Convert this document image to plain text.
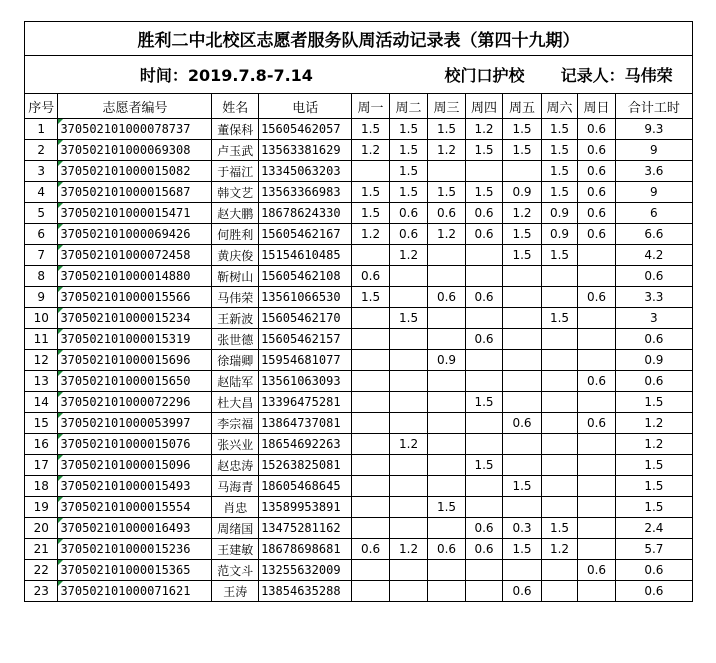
胜利二中北校区志愿者服务队周活动记录表（第四十九期）											
时间：2019.7.8-7.14						校门口护校			记录人：马伟荣		
序号	志愿者编号	姓名	电话	周一	周二	周三	周四	周五	周六	周日	合计工时
1	370502101000078737	董保科	15605462057	1.5	1.5	1.5	1.2	1.5	1.5	0.6	9.3
2	370502101000069308	卢玉武	13563381629	1.2	1.5	1.2	1.5	1.5	1.5	0.6	9
3	370502101000015082	于福江	13345063203		1.5				1.5	0.6	3.6
4	370502101000015687	韩文艺	13563366983	1.5	1.5	1.5	1.5	0.9	1.5	0.6	9
5	370502101000015471	赵大鹏	18678624330	1.5	0.6	0.6	0.6	1.2	0.9	0.6	6
6	370502101000069426	何胜利	15605462167	1.2	0.6	1.2	0.6	1.5	0.9	0.6	6.6
7	370502101000072458	黄庆俊	15154610485		1.2			1.5	1.5		4.2
8	370502101000014880	靳树山	15605462108	0.6							0.6
9	370502101000015566	马伟荣	13561066530	1.5		0.6	0.6			0.6	3.3
10	370502101000015234	王新波	15605462170		1.5				1.5		3
11	370502101000015319	张世德	15605462157				0.6				0.6
12	370502101000015696	徐瑞卿	15954681077			0.9					0.9
13	370502101000015650	赵陆军	13561063093							0.6	0.6
14	370502101000072296	杜大昌	13396475281				1.5				1.5
15	370502101000053997	李宗福	13864737081					0.6		0.6	1.2
16	370502101000015076	张兴业	18654692263		1.2						1.2
17	370502101000015096	赵忠涛	15263825081				1.5				1.5
18	370502101000015493	马海青	18605468645					1.5			1.5
19	370502101000015554	肖忠	13589953891			1.5					1.5
20	370502101000016493	周绪国	13475281162				0.6	0.3	1.5		2.4
21	370502101000015236	王建敏	18678698681	0.6	1.2	0.6	0.6	1.5	1.2		5.7
22	370502101000015365	范文斗	13255632009							0.6	0.6
23	370502101000071621	王涛	13854635288					0.6			0.6
